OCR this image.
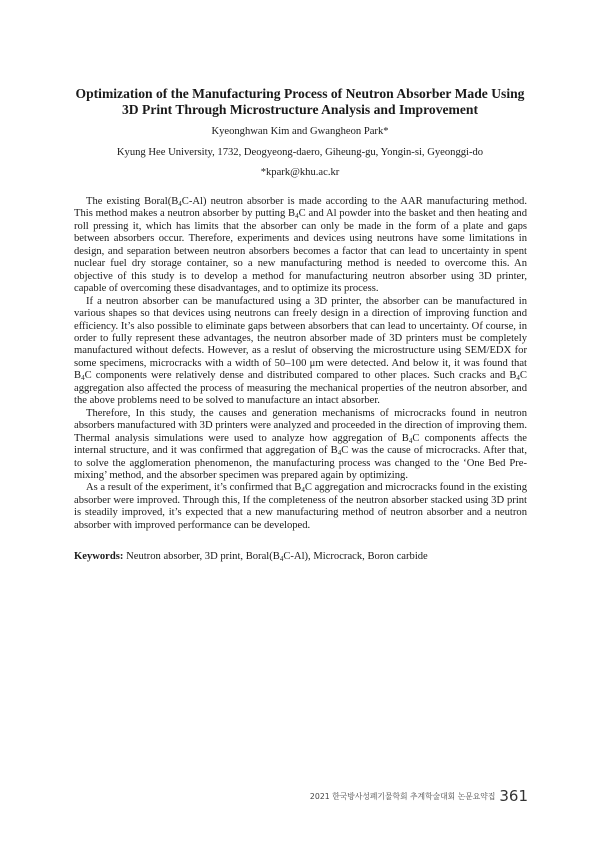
Optimization of the Manufacturing Process of Neutron Absorber Made Using
3D Print Through Microstructure Analysis and Improvement
Kyeonghwan Kim and Gwangheon Park*
Kyung Hee University, 1732, Deogyeong-daero, Giheung-gu, Yongin-si, Gyeonggi-do
*kpark@khu.ac.kr

The existing $Boral(B_4C-Al)$ neutron absorber is made according to the AAR manufacturing method. This method makes a neutron absorber by putting $B_4C$ and Al powder into the basket and then heating and roll pressing it, which has limits that the absorber can only be made in the form of a plate and gaps between absorbers occur. Therefore, experiments and devices using neutrons have some limitations in design, and separation between neutron absorbers becomes a factor that can lead to uncertainty in spent nuclear fuel dry storage container, so a new manufacturing method is needed to overcome this. An objective of this study is to develop a method for manufacturing neutron absorber using 3D printer, capable of overcoming these disadvantages, and to optimize its process.

If a neutron absorber can be manufactured using a 3D printer, the absorber can be manufactured in various shapes so that devices using neutrons can freely design in a direction of improving function and efficiency. It’s also possible to eliminate gaps between absorbers that can lead to uncertainty. Of course, in order to fully represent these advantages, the neutron absorber made of 3D printers must be completely manufactured without defects. However, as a reslut of observing the microstructure using SEM/EDX for some specimens, microcracks with a width of 50–100 μm were detected. And below it, it was found that $B_4C$ components were relatively dense and distributed compared to other places. Such cracks and $B_4C$ aggregation also affected the process of measuring the mechanical properties of the neutron absorber, and the above problems need to be solved to manufacture an intact absorber.

Therefore, In this study, the causes and generation mechanisms of microcracks found in neutron absorbers manufactured with 3D printers were analyzed and proceeded in the direction of improving them. Thermal analysis simulations were used to analyze how aggregation of $B_4C$ components affects the internal structure, and it was confirmed that aggregation of $B_4C$ was the cause of microcracks. After that, to solve the agglomeration phenomenon, the manufacturing process was changed to the ‘One Bed Pre-mixing’ method, and the absorber specimen was prepared again by optimizing.

As a result of the experiment, it’s confirmed that $B_4C$ aggregation and microcracks found in the existing absorber were improved. Through this, If the completeness of the neutron absorber stacked using 3D print is steadily improved, it’s expected that a new manufacturing method of neutron absorber and a neutron absorber with improved performance can be developed.

Keywords: Neutron absorber, 3D print, $Boral(B_4C-Al)$, Microcrack, Boron carbide
2021 한국방사성폐기물학회 추계학술대회 논문요약집 361
